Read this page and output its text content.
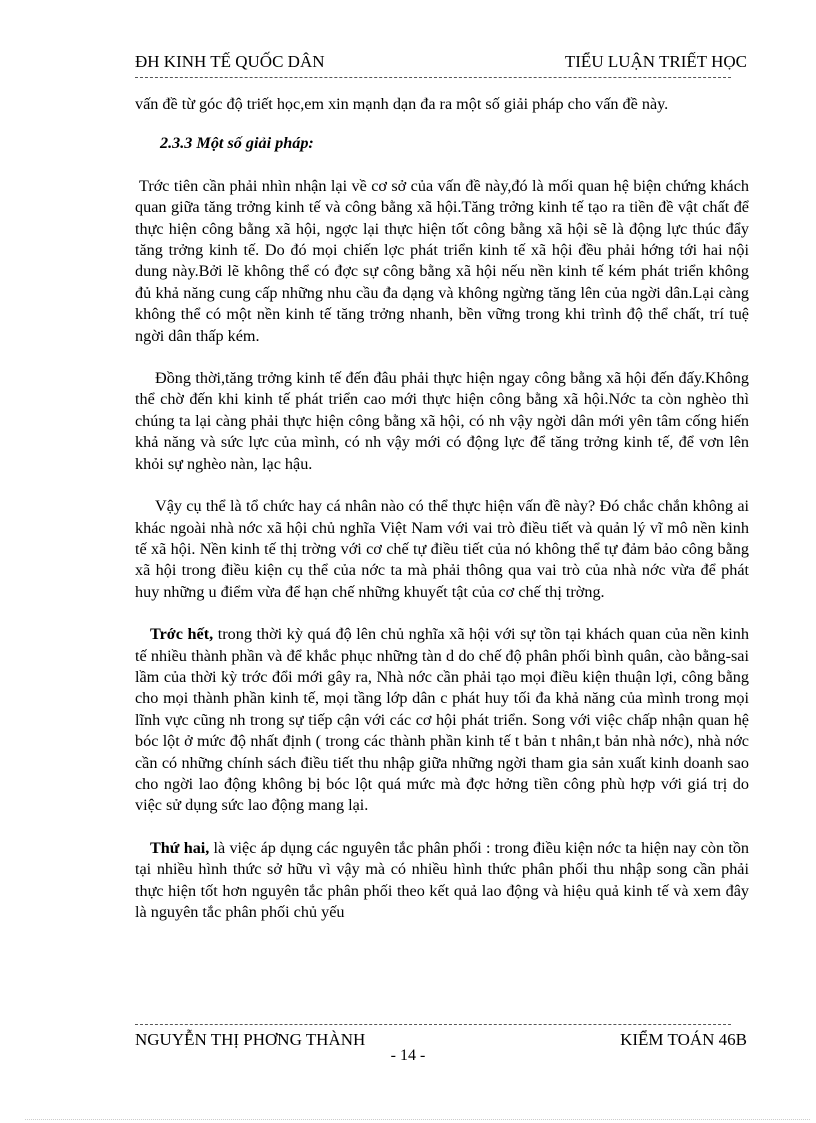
ĐH KINH TẾ QUỐC DÂN	TIỂU LUẬN TRIẾT HỌC

vấn đề từ góc độ triết học,em xin mạnh dạn đa ra một số giải pháp cho vấn đề này.

2.3.3 Một số giải pháp:

Trớc tiên cần phải nhìn nhận lại về cơ sở của vấn đề này,đó là mối quan hệ biện chứng khách quan giữa tăng trởng kinh tế và công bằng xã hội.Tăng trởng kinh tế tạo ra tiền đề vật chất để thực hiện công bằng xã hội, ngợc lại thực hiện tốt công bằng xã hội sẽ là động lực thúc đẩy tăng trởng kinh tế. Do đó mọi chiến lợc phát triển kinh tế xã hội đều phải hớng tới hai nội dung này.Bởi lẽ không thể có đợc sự công bằng xã hội nếu nền kinh tế kém phát triển không đủ khả năng cung cấp những nhu cầu đa dạng và không ngừng tăng lên của ngời dân.Lại càng không thể có một nền kinh tế tăng trởng nhanh, bền vững trong khi trình độ thể chất, trí tuệ ngời dân thấp kém.

Đồng thời,tăng trởng kinh tế đến đâu phải thực hiện ngay công bằng xã hội đến đấy.Không thể chờ đến khi kinh tế phát triển cao mới thực hiện công bằng xã hội.Nớc ta còn nghèo thì chúng ta lại càng phải thực hiện công bằng xã hội, có nh vậy ngời dân mới yên tâm cống hiến khả năng và sức lực của mình, có nh vậy mới có động lực để tăng trởng kinh tế, để vơn lên khỏi sự nghèo nàn, lạc hậu.

Vậy cụ thể là tổ chức hay cá nhân nào có thể thực hiện vấn đề này? Đó chắc chắn không ai khác ngoài nhà nớc xã hội chủ nghĩa Việt Nam với vai trò điều tiết và quản lý vĩ mô nền kinh tế xã hội. Nền kinh tế thị trờng với cơ chế tự điều tiết của nó không thể tự đảm bảo công bằng xã hội trong điều kiện cụ thể của nớc ta mà phải thông qua vai trò của nhà nớc vừa để phát huy những u điểm vừa để hạn chế những khuyết tật của cơ chế thị trờng.

Trớc hết, trong thời kỳ quá độ lên chủ nghĩa xã hội với sự tồn tại khách quan của nền kinh tế nhiều thành phần và để khắc phục những tàn d do chế độ phân phối bình quân, cào bằng-sai lầm của thời kỳ trớc đổi mới gây ra, Nhà nớc cần phải tạo mọi điều kiện thuận lợi, công bằng cho mọi thành phần kinh tế, mọi tầng lớp dân c phát huy tối đa khả năng của mình trong mọi lĩnh vực cũng nh trong sự tiếp cận với các cơ hội phát triển. Song với việc chấp nhận quan hệ bóc lột ở mức độ nhất định ( trong các thành phần kinh tế t bản t nhân,t bản nhà nớc), nhà nớc cần có những chính sách điều tiết thu nhập giữa những ngời tham gia sản xuất kinh doanh sao cho ngời lao động không bị bóc lột quá mức mà đợc hởng tiền công phù hợp với giá trị do việc sử dụng sức lao động mang lại.

Thứ hai, là việc áp dụng các nguyên tắc phân phối : trong điều kiện nớc ta hiện nay còn tồn tại nhiều hình thức sở hữu vì vậy mà có nhiều hình thức phân phối thu nhập song cần phải thực hiện tốt hơn nguyên tắc phân phối theo kết quả lao động và hiệu quả kinh tế và xem đây là nguyên tắc phân phối chủ yếu

NGUYỄN THỊ PHƠNG THÀNH	KIỂM TOÁN 46B
- 14 -
